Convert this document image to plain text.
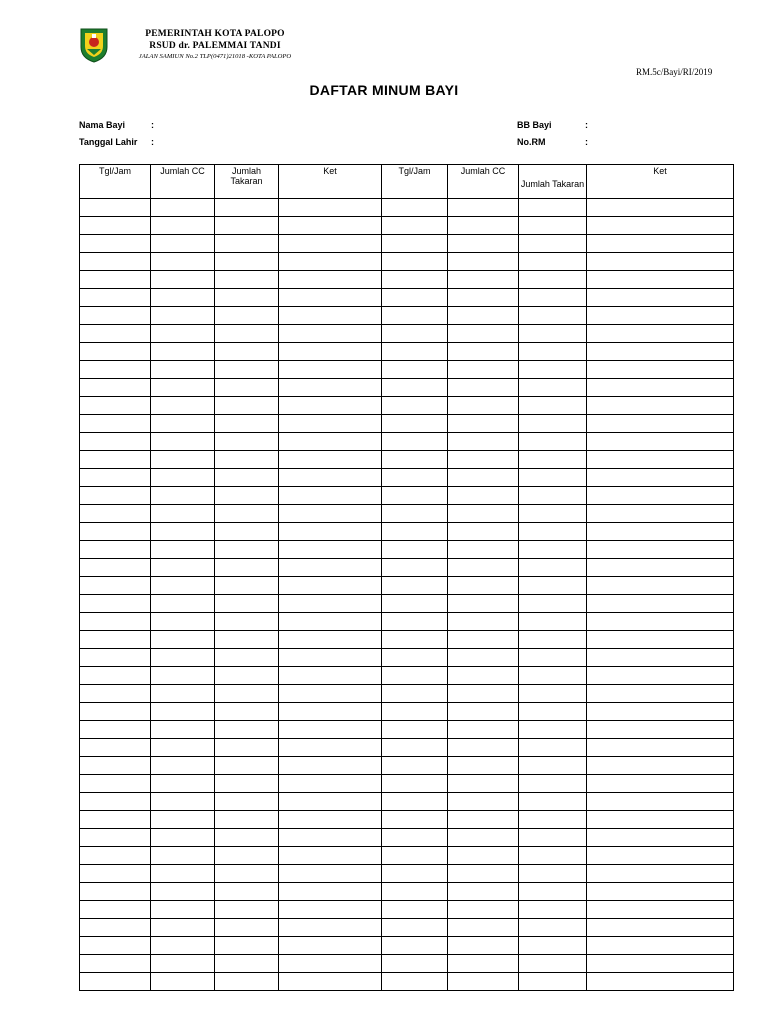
PEMERINTAH KOTA PALOPO
RSUD dr. PALEMMAI TANDI
JALAN SAMIUN No.2 TLP(0471)21018 -KOTA PALOPO
RM.5c/Bayi/RI/2019
DAFTAR MINUM BAYI
Nama Bayi	:
Tanggal Lahir :
BB Bayi	:
No.RM	:
Tgl/Jam	Jumlah CC	Jumlah Takaran	Ket	Tgl/Jam	Jumlah CC	Jumlah Takaran	Ket
